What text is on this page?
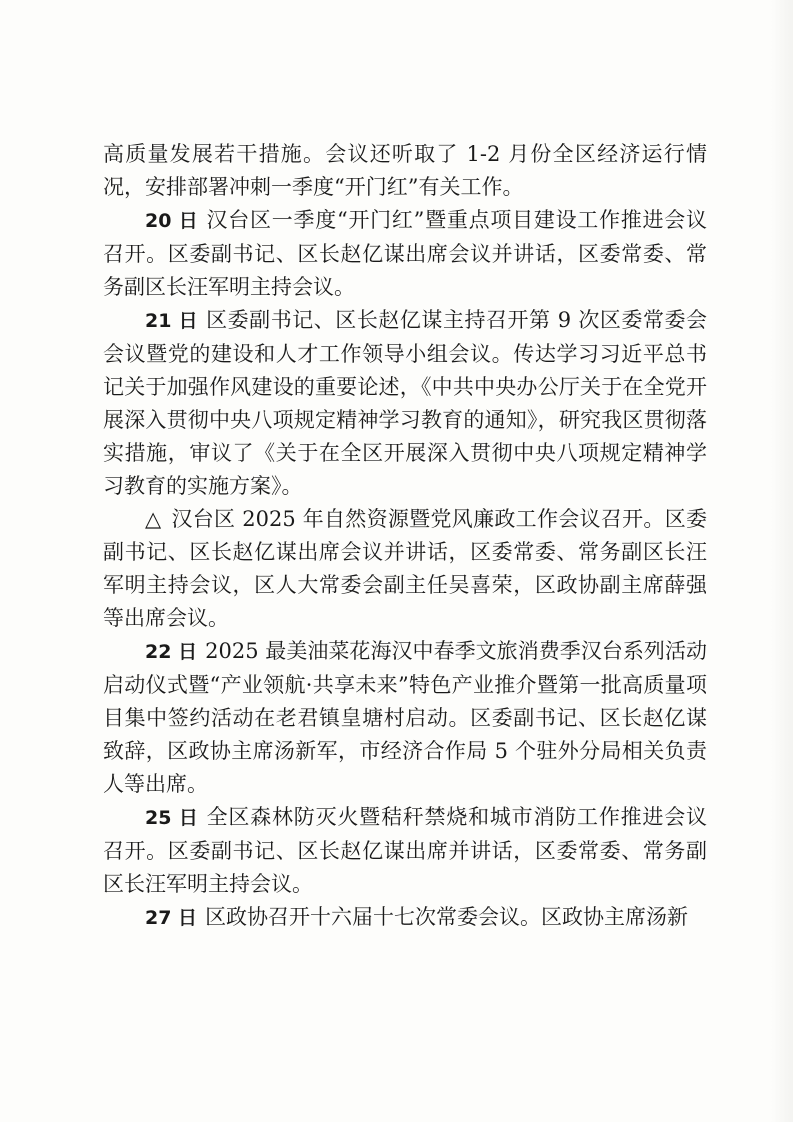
高质量发展若干措施。会议还听取了 1-2 月份全区经济运行情况，安排部署冲刺一季度“开门红”有关工作。

20 日 汉台区一季度“开门红”暨重点项目建设工作推进会议召开。区委副书记、区长赵亿谋出席会议并讲话，区委常委、常务副区长汪军明主持会议。

21 日 区委副书记、区长赵亿谋主持召开第 9 次区委常委会会议暨党的建设和人才工作领导小组会议。传达学习习近平总书记关于加强作风建设的重要论述，《中共中央办公厅关于在全党开展深入贯彻中央八项规定精神学习教育的通知》，研究我区贯彻落实措施，审议了《关于在全区开展深入贯彻中央八项规定精神学习教育的实施方案》。

△ 汉台区 2025 年自然资源暨党风廉政工作会议召开。区委副书记、区长赵亿谋出席会议并讲话，区委常委、常务副区长汪军明主持会议，区人大常委会副主任吴喜荣，区政协副主席薛强等出席会议。

22 日 2025 最美油菜花海汉中春季文旅消费季汉台系列活动启动仪式暨“产业领航·共享未来”特色产业推介暨第一批高质量项目集中签约活动在老君镇皇塘村启动。区委副书记、区长赵亿谋致辞，区政协主席汤新军，市经济合作局 5 个驻外分局相关负责人等出席。

25 日 全区森林防灭火暨秸秆禁烧和城市消防工作推进会议召开。区委副书记、区长赵亿谋出席并讲话，区委常委、常务副区长汪军明主持会议。

27 日 区政协召开十六届十七次常委会议。区政协主席汤新
